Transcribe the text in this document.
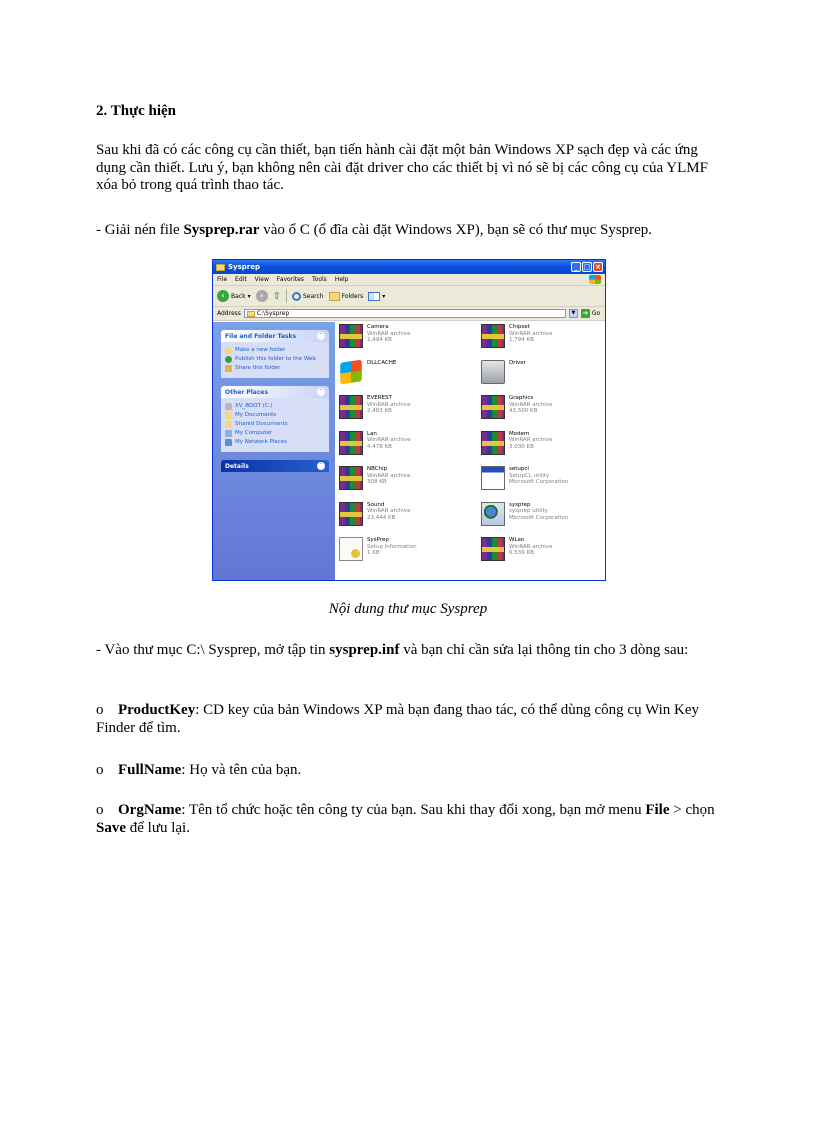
2. Thực hiện

Sau khi đã có các công cụ cần thiết, bạn tiến hành cài đặt một bản Windows XP sạch đẹp và các ứng dụng cần thiết. Lưu ý, bạn không nên cài đặt driver cho các thiết bị vì nó sẽ bị các công cụ của YLMF xóa bỏ trong quá trình thao tác.

- Giải nén file Sysprep.rar vào ổ C (ổ đĩa cài đặt Windows XP), bạn sẽ có thư mục Sysprep.

Sysprep	_ □ ×
File Edit View Favorites Tools Help
‹	Back ▾	› ⇧	Search	Folders	▾
Address	C:\Sysprep	▼	➔ Go
File and Folder Tasks	˄
Make a new folder
Publish this folder to the Web
Share this folder
Other Places	˄
XV_BOOT (C:)
My Documents
Shared Documents
My Computer
My Network Places
Details	˅
Camera
WinRAR archive
1,494 KB
Chipset
WinRAR archive
1,794 KB
DLLCACHE	Driver
EVEREST
WinRAR archive
2,483 KB
Graphics
WinRAR archive
43,500 KB
Lan
WinRAR archive
4,478 KB
Modem
WinRAR archive
3,030 KB
NBChip
WinRAR archive
308 KB
setupcl
SetupCL utility
Microsoft Corporation
Sound
WinRAR archive
23,444 KB
sysprep
sysprep utility
Microsoft Corporation
SysPrep
Setup Information
1 KB
WLan
WinRAR archive
6,539 KB

Nội dung thư mục Sysprep

- Vào thư mục C:\ Sysprep, mở tập tin sysprep.inf và bạn chỉ cần sửa lại thông tin cho 3 dòng sau:

o ProductKey: CD key của bản Windows XP mà bạn đang thao tác, có thể dùng công cụ Win Key Finder để tìm.

o FullName: Họ và tên của bạn.

o OrgName: Tên tổ chức hoặc tên công ty của bạn. Sau khi thay đổi xong, bạn mở menu File > chọn Save để lưu lại.
